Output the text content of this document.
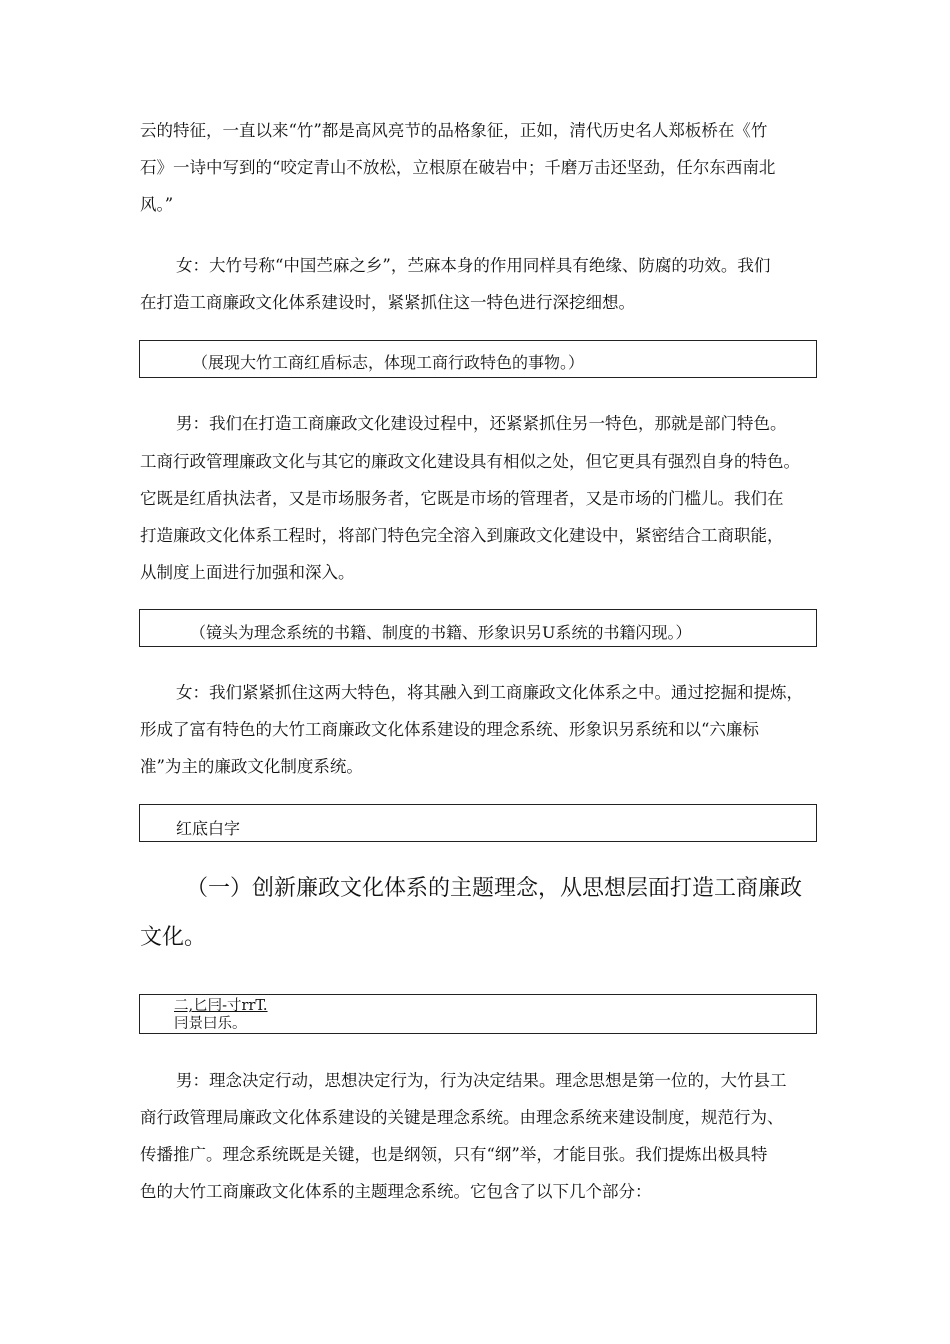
云的特征，一直以来“竹”都是高风亮节的品格象征，正如，清代历史名人郑板桥在《竹
石》一诗中写到的“咬定青山不放松，立根原在破岩中；千磨万击还坚劲，任尔东西南北
风。”
女：大竹号称“中国苎麻之乡”，苎麻本身的作用同样具有绝缘、防腐的功效。我们
在打造工商廉政文化体系建设时，紧紧抓住这一特色进行深挖细想。
（展现大竹工商红盾标志，体现工商行政特色的事物。）
男：我们在打造工商廉政文化建设过程中，还紧紧抓住另一特色，那就是部门特色。
工商行政管理廉政文化与其它的廉政文化建设具有相似之处，但它更具有强烈自身的特色。
它既是红盾执法者，又是市场服务者，它既是市场的管理者，又是市场的门槛儿。我们在
打造廉政文化体系工程时，将部门特色完全溶入到廉政文化建设中，紧密结合工商职能，
从制度上面进行加强和深入。
（镜头为理念系统的书籍、制度的书籍、形象识另U系统的书籍闪现。）
女：我们紧紧抓住这两大特色，将其融入到工商廉政文化体系之中。通过挖掘和提炼，
形成了富有特色的大竹工商廉政文化体系建设的理念系统、形象识另系统和以“六廉标
准”为主的廉政文化制度系统。
红底白字
（一）创新廉政文化体系的主题理念，从思想层面打造工商廉政
文化。
二,匕冃-寸rrT.
冃景曰乐。
男：理念决定行动，思想决定行为，行为决定结果。理念思想是第一位的，大竹县工
商行政管理局廉政文化体系建设的关键是理念系统。由理念系统来建设制度，规范行为、
传播推广。理念系统既是关键，也是纲领，只有“纲”举，才能目张。我们提炼出极具特
色的大竹工商廉政文化体系的主题理念系统。它包含了以下几个部分：
